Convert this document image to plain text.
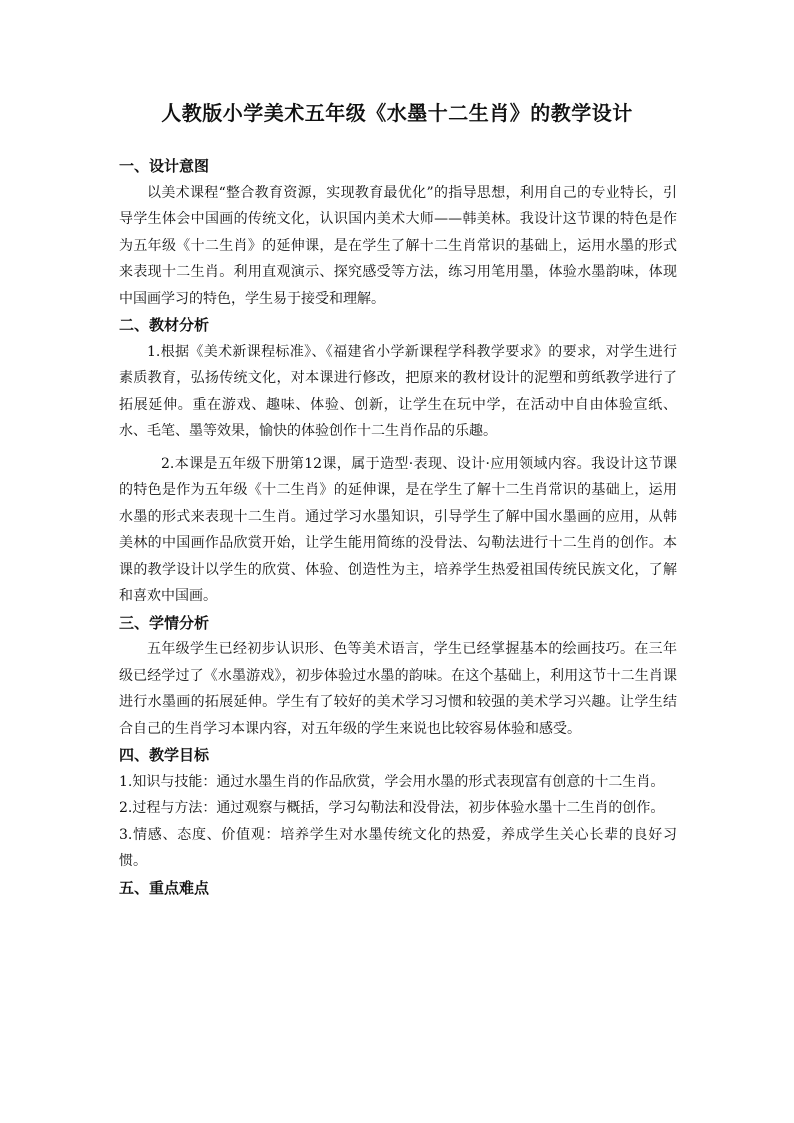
人教版小学美术五年级《水墨十二生肖》的教学设计

一、设计意图

以美术课程“整合教育资源，实现教育最优化”的指导思想，利用自己的专业特长，引导学生体会中国画的传统文化，认识国内美术大师——韩美林。我设计这节课的特色是作为五年级《十二生肖》的延伸课，是在学生了解十二生肖常识的基础上，运用水墨的形式来表现十二生肖。利用直观演示、探究感受等方法，练习用笔用墨，体验水墨韵味，体现中国画学习的特色，学生易于接受和理解。

二、教材分析

1.根据《美术新课程标准》、《福建省小学新课程学科教学要求》的要求，对学生进行素质教育，弘扬传统文化，对本课进行修改，把原来的教材设计的泥塑和剪纸教学进行了拓展延伸。重在游戏、趣味、体验、创新，让学生在玩中学，在活动中自由体验宣纸、水、毛笔、墨等效果，愉快的体验创作十二生肖作品的乐趣。

2.本课是五年级下册第12课，属于造型·表现、设计·应用领域内容。我设计这节课的特色是作为五年级《十二生肖》的延伸课，是在学生了解十二生肖常识的基础上，运用水墨的形式来表现十二生肖。通过学习水墨知识，引导学生了解中国水墨画的应用，从韩美林的中国画作品欣赏开始，让学生能用简练的没骨法、勾勒法进行十二生肖的创作。本课的教学设计以学生的欣赏、体验、创造性为主，培养学生热爱祖国传统民族文化，了解和喜欢中国画。

三、学情分析

五年级学生已经初步认识形、色等美术语言，学生已经掌握基本的绘画技巧。在三年级已经学过了《水墨游戏》，初步体验过水墨的韵味。在这个基础上，利用这节十二生肖课进行水墨画的拓展延伸。学生有了较好的美术学习习惯和较强的美术学习兴趣。让学生结合自己的生肖学习本课内容，对五年级的学生来说也比较容易体验和感受。

四、教学目标

1.知识与技能：通过水墨生肖的作品欣赏，学会用水墨的形式表现富有创意的十二生肖。

2.过程与方法：通过观察与概括，学习勾勒法和没骨法，初步体验水墨十二生肖的创作。

3.情感、态度、价值观：培养学生对水墨传统文化的热爱，养成学生关心长辈的良好习惯。

五、重点难点
